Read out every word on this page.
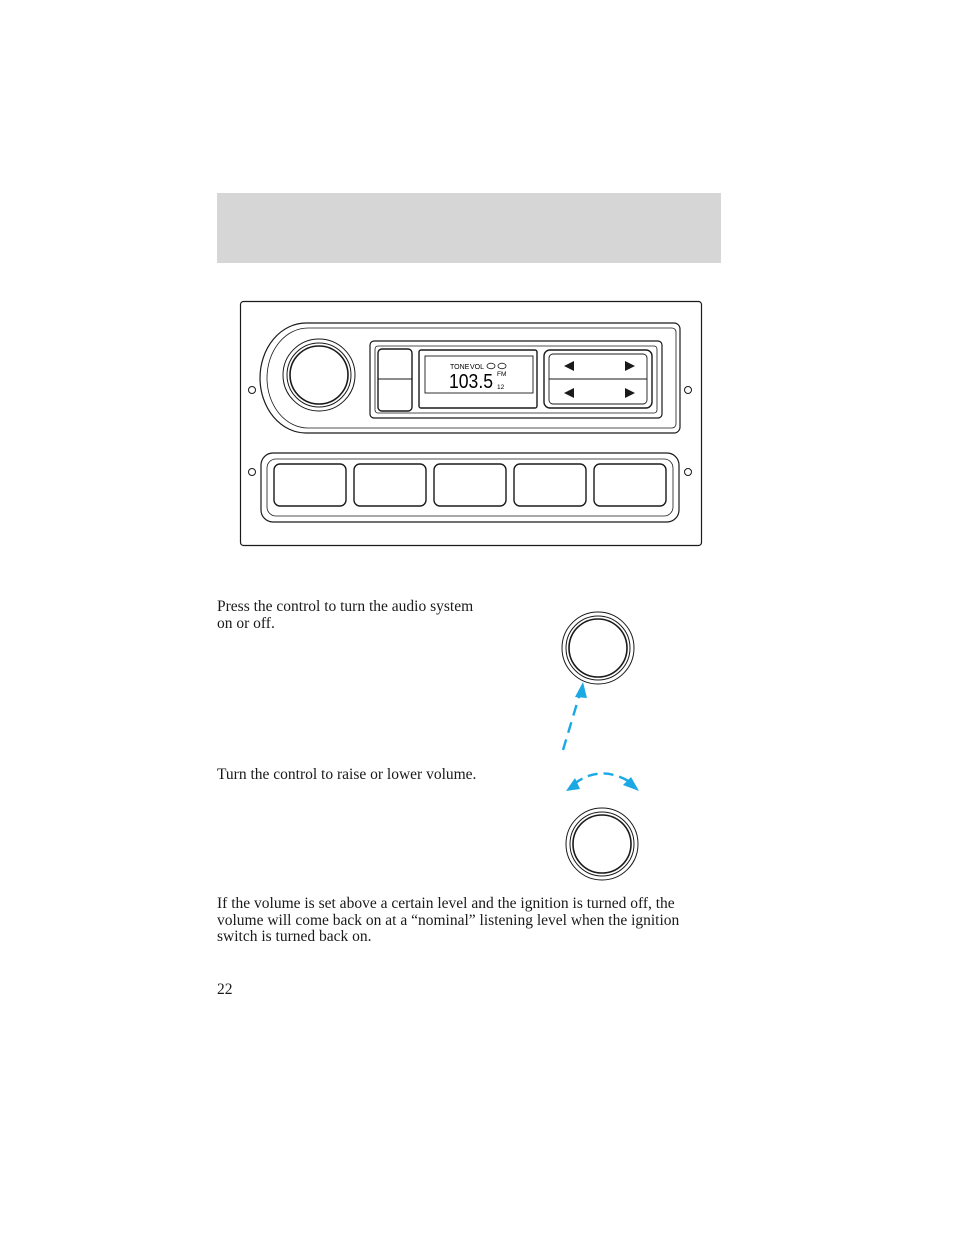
TONE VOL
103.5 FM
12

Press the control to turn the audio system on or off.

Turn the control to raise or lower volume.

If the volume is set above a certain level and the ignition is turned off, the volume will come back on at a “nominal” listening level when the ignition switch is turned back on.

22
